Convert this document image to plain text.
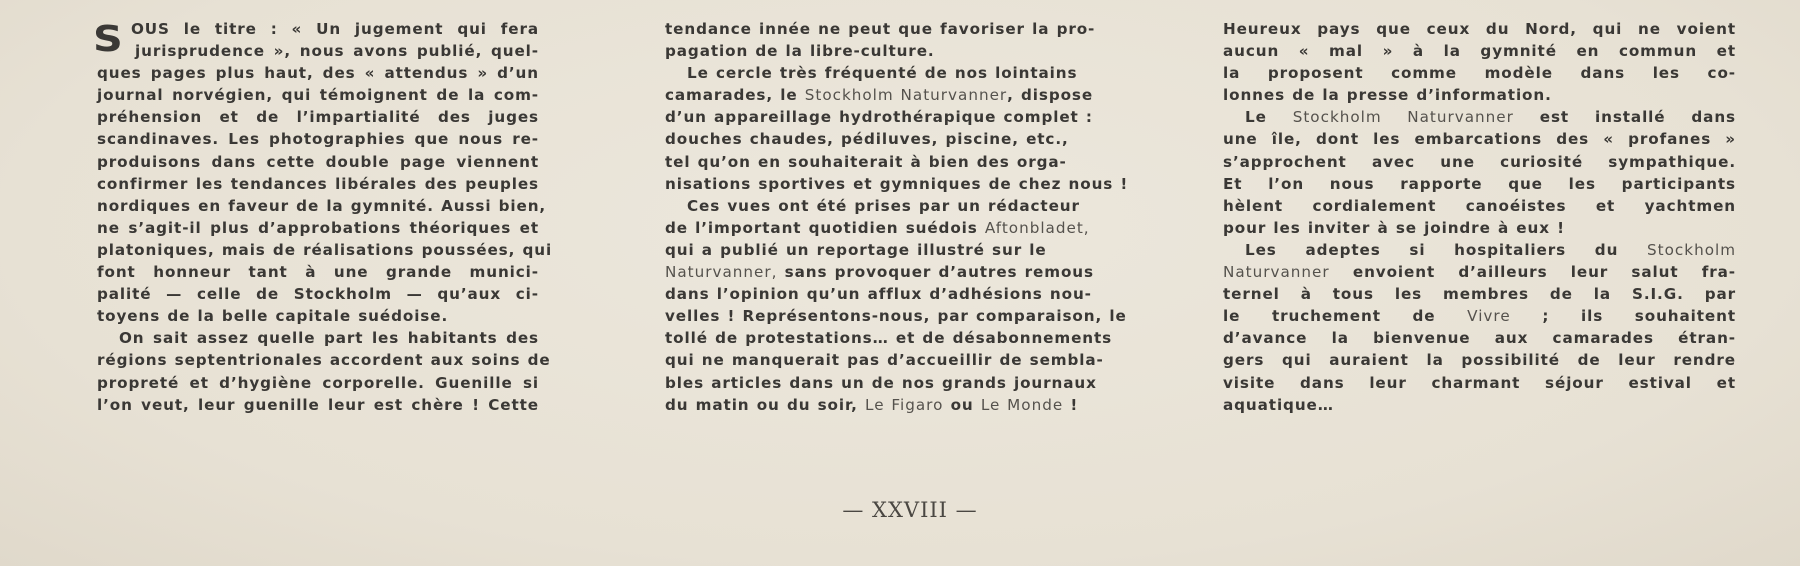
S OUS le titre : « Un jugement qui fera
jurisprudence », nous avons publié, quel-
ques pages plus haut, des « attendus » d’un
journal norvégien, qui témoignent de la com-
préhension et de l’impartialité des juges
scandinaves. Les photographies que nous re-
produisons dans cette double page viennent
confirmer les tendances libérales des peuples
nordiques en faveur de la gymnité. Aussi bien,
ne s’agit-il plus d’approbations théoriques et
platoniques, mais de réalisations poussées, qui
font honneur tant à une grande munici-
palité — celle de Stockholm — qu’aux ci-
toyens de la belle capitale suédoise.
On sait assez quelle part les habitants des
régions septentrionales accordent aux soins de
propreté et d’hygiène corporelle. Guenille si
l’on veut, leur guenille leur est chère ! Cette
tendance innée ne peut que favoriser la pro-
pagation de la libre-culture.
Le cercle très fréquenté de nos lointains
camarades, le Stockholm Naturvanner, dispose
d’un appareillage hydrothérapique complet :
douches chaudes, pédiluves, piscine, etc.,
tel qu’on en souhaiterait à bien des orga-
nisations sportives et gymniques de chez nous !
Ces vues ont été prises par un rédacteur
de l’important quotidien suédois Aftonbladet,
qui a publié un reportage illustré sur le
Naturvanner, sans provoquer d’autres remous
dans l’opinion qu’un afflux d’adhésions nou-
velles ! Représentons-nous, par comparaison, le
tollé de protestations… et de désabonnements
qui ne manquerait pas d’accueillir de sembla-
bles articles dans un de nos grands journaux
du matin ou du soir, Le Figaro ou Le Monde !
Heureux pays que ceux du Nord, qui ne voient
aucun « mal » à la gymnité en commun et
la proposent comme modèle dans les co-
lonnes de la presse d’information.
Le Stockholm Naturvanner est installé dans
une île, dont les embarcations des « profanes »
s’approchent avec une curiosité sympathique.
Et l’on nous rapporte que les participants
hèlent cordialement canoéistes et yachtmen
pour les inviter à se joindre à eux !
Les adeptes si hospitaliers du Stockholm
Naturvanner envoient d’ailleurs leur salut fra-
ternel à tous les membres de la S.I.G. par
le truchement de Vivre ; ils souhaitent
d’avance la bienvenue aux camarades étran-
gers qui auraient la possibilité de leur rendre
visite dans leur charmant séjour estival et
aquatique…
— XXVIII —
